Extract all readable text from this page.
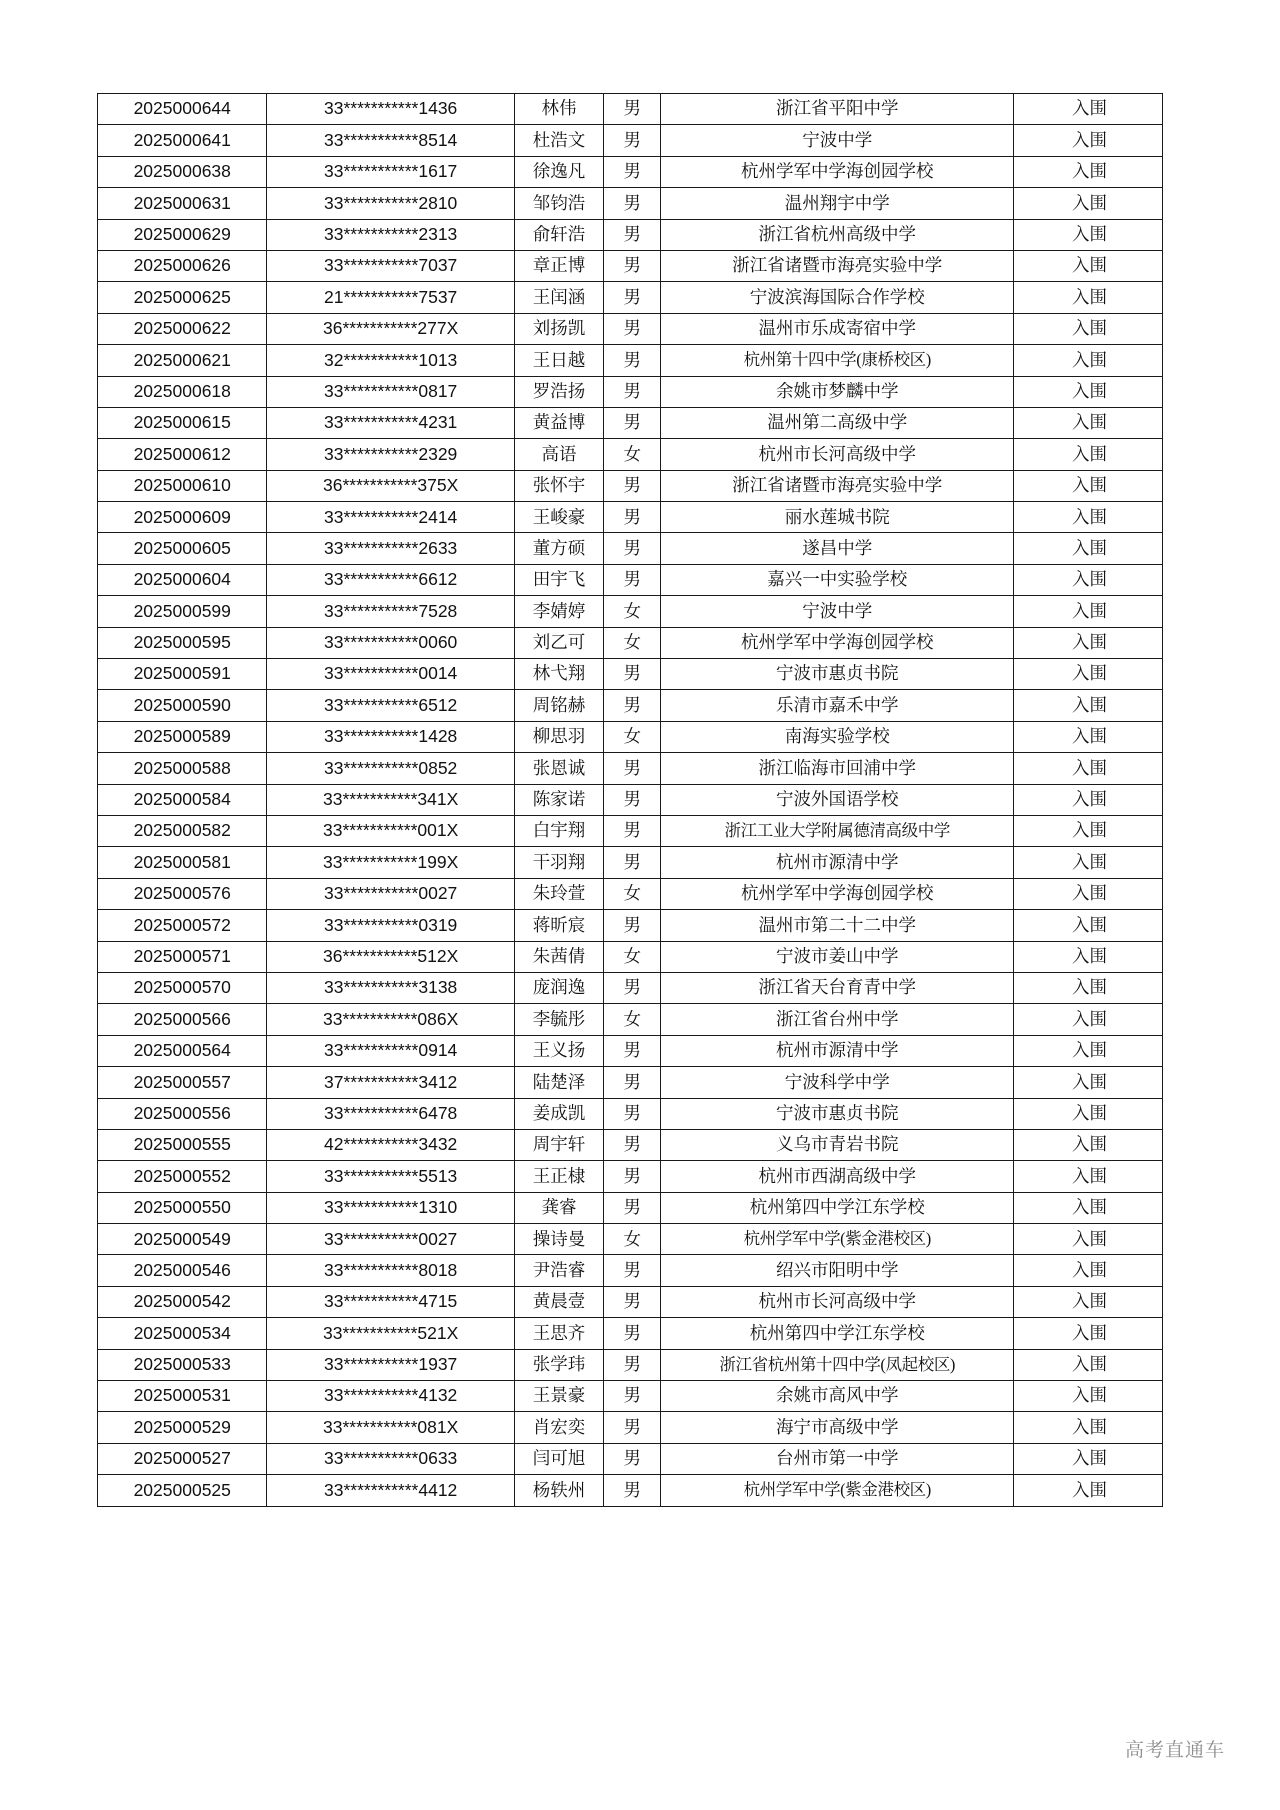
2025000644	33***********1436	林伟	男	浙江省平阳中学	入围
2025000641	33***********8514	杜浩文	男	宁波中学	入围
2025000638	33***********1617	徐逸凡	男	杭州学军中学海创园学校	入围
2025000631	33***********2810	邹钧浩	男	温州翔宇中学	入围
2025000629	33***********2313	俞轩浩	男	浙江省杭州高级中学	入围
2025000626	33***********7037	章正博	男	浙江省诸暨市海亮实验中学	入围
2025000625	21***********7537	王闰涵	男	宁波滨海国际合作学校	入围
2025000622	36***********277X	刘扬凯	男	温州市乐成寄宿中学	入围
2025000621	32***********1013	王日越	男	杭州第十四中学(康桥校区)	入围
2025000618	33***********0817	罗浩扬	男	余姚市梦麟中学	入围
2025000615	33***********4231	黄益博	男	温州第二高级中学	入围
2025000612	33***********2329	高语	女	杭州市长河高级中学	入围
2025000610	36***********375X	张怀宇	男	浙江省诸暨市海亮实验中学	入围
2025000609	33***********2414	王峻豪	男	丽水莲城书院	入围
2025000605	33***********2633	董方硕	男	遂昌中学	入围
2025000604	33***********6612	田宇飞	男	嘉兴一中实验学校	入围
2025000599	33***********7528	李婧婷	女	宁波中学	入围
2025000595	33***********0060	刘乙可	女	杭州学军中学海创园学校	入围
2025000591	33***********0014	林弋翔	男	宁波市惠贞书院	入围
2025000590	33***********6512	周铭赫	男	乐清市嘉禾中学	入围
2025000589	33***********1428	柳思羽	女	南海实验学校	入围
2025000588	33***********0852	张恩诚	男	浙江临海市回浦中学	入围
2025000584	33***********341X	陈家诺	男	宁波外国语学校	入围
2025000582	33***********001X	白宇翔	男	浙江工业大学附属德清高级中学	入围
2025000581	33***********199X	干羽翔	男	杭州市源清中学	入围
2025000576	33***********0027	朱玲萱	女	杭州学军中学海创园学校	入围
2025000572	33***********0319	蒋昕宸	男	温州市第二十二中学	入围
2025000571	36***********512X	朱茜倩	女	宁波市姜山中学	入围
2025000570	33***********3138	庞润逸	男	浙江省天台育青中学	入围
2025000566	33***********086X	李毓彤	女	浙江省台州中学	入围
2025000564	33***********0914	王义扬	男	杭州市源清中学	入围
2025000557	37***********3412	陆楚泽	男	宁波科学中学	入围
2025000556	33***********6478	姜成凯	男	宁波市惠贞书院	入围
2025000555	42***********3432	周宇轩	男	义乌市青岩书院	入围
2025000552	33***********5513	王正棣	男	杭州市西湖高级中学	入围
2025000550	33***********1310	龚睿	男	杭州第四中学江东学校	入围
2025000549	33***********0027	操诗曼	女	杭州学军中学(紫金港校区)	入围
2025000546	33***********8018	尹浩睿	男	绍兴市阳明中学	入围
2025000542	33***********4715	黄晨壹	男	杭州市长河高级中学	入围
2025000534	33***********521X	王思齐	男	杭州第四中学江东学校	入围
2025000533	33***********1937	张学玮	男	浙江省杭州第十四中学(凤起校区)	入围
2025000531	33***********4132	王景豪	男	余姚市高风中学	入围
2025000529	33***********081X	肖宏奕	男	海宁市高级中学	入围
2025000527	33***********0633	闫可旭	男	台州市第一中学	入围
2025000525	33***********4412	杨轶州	男	杭州学军中学(紫金港校区)	入围
高考直通车
